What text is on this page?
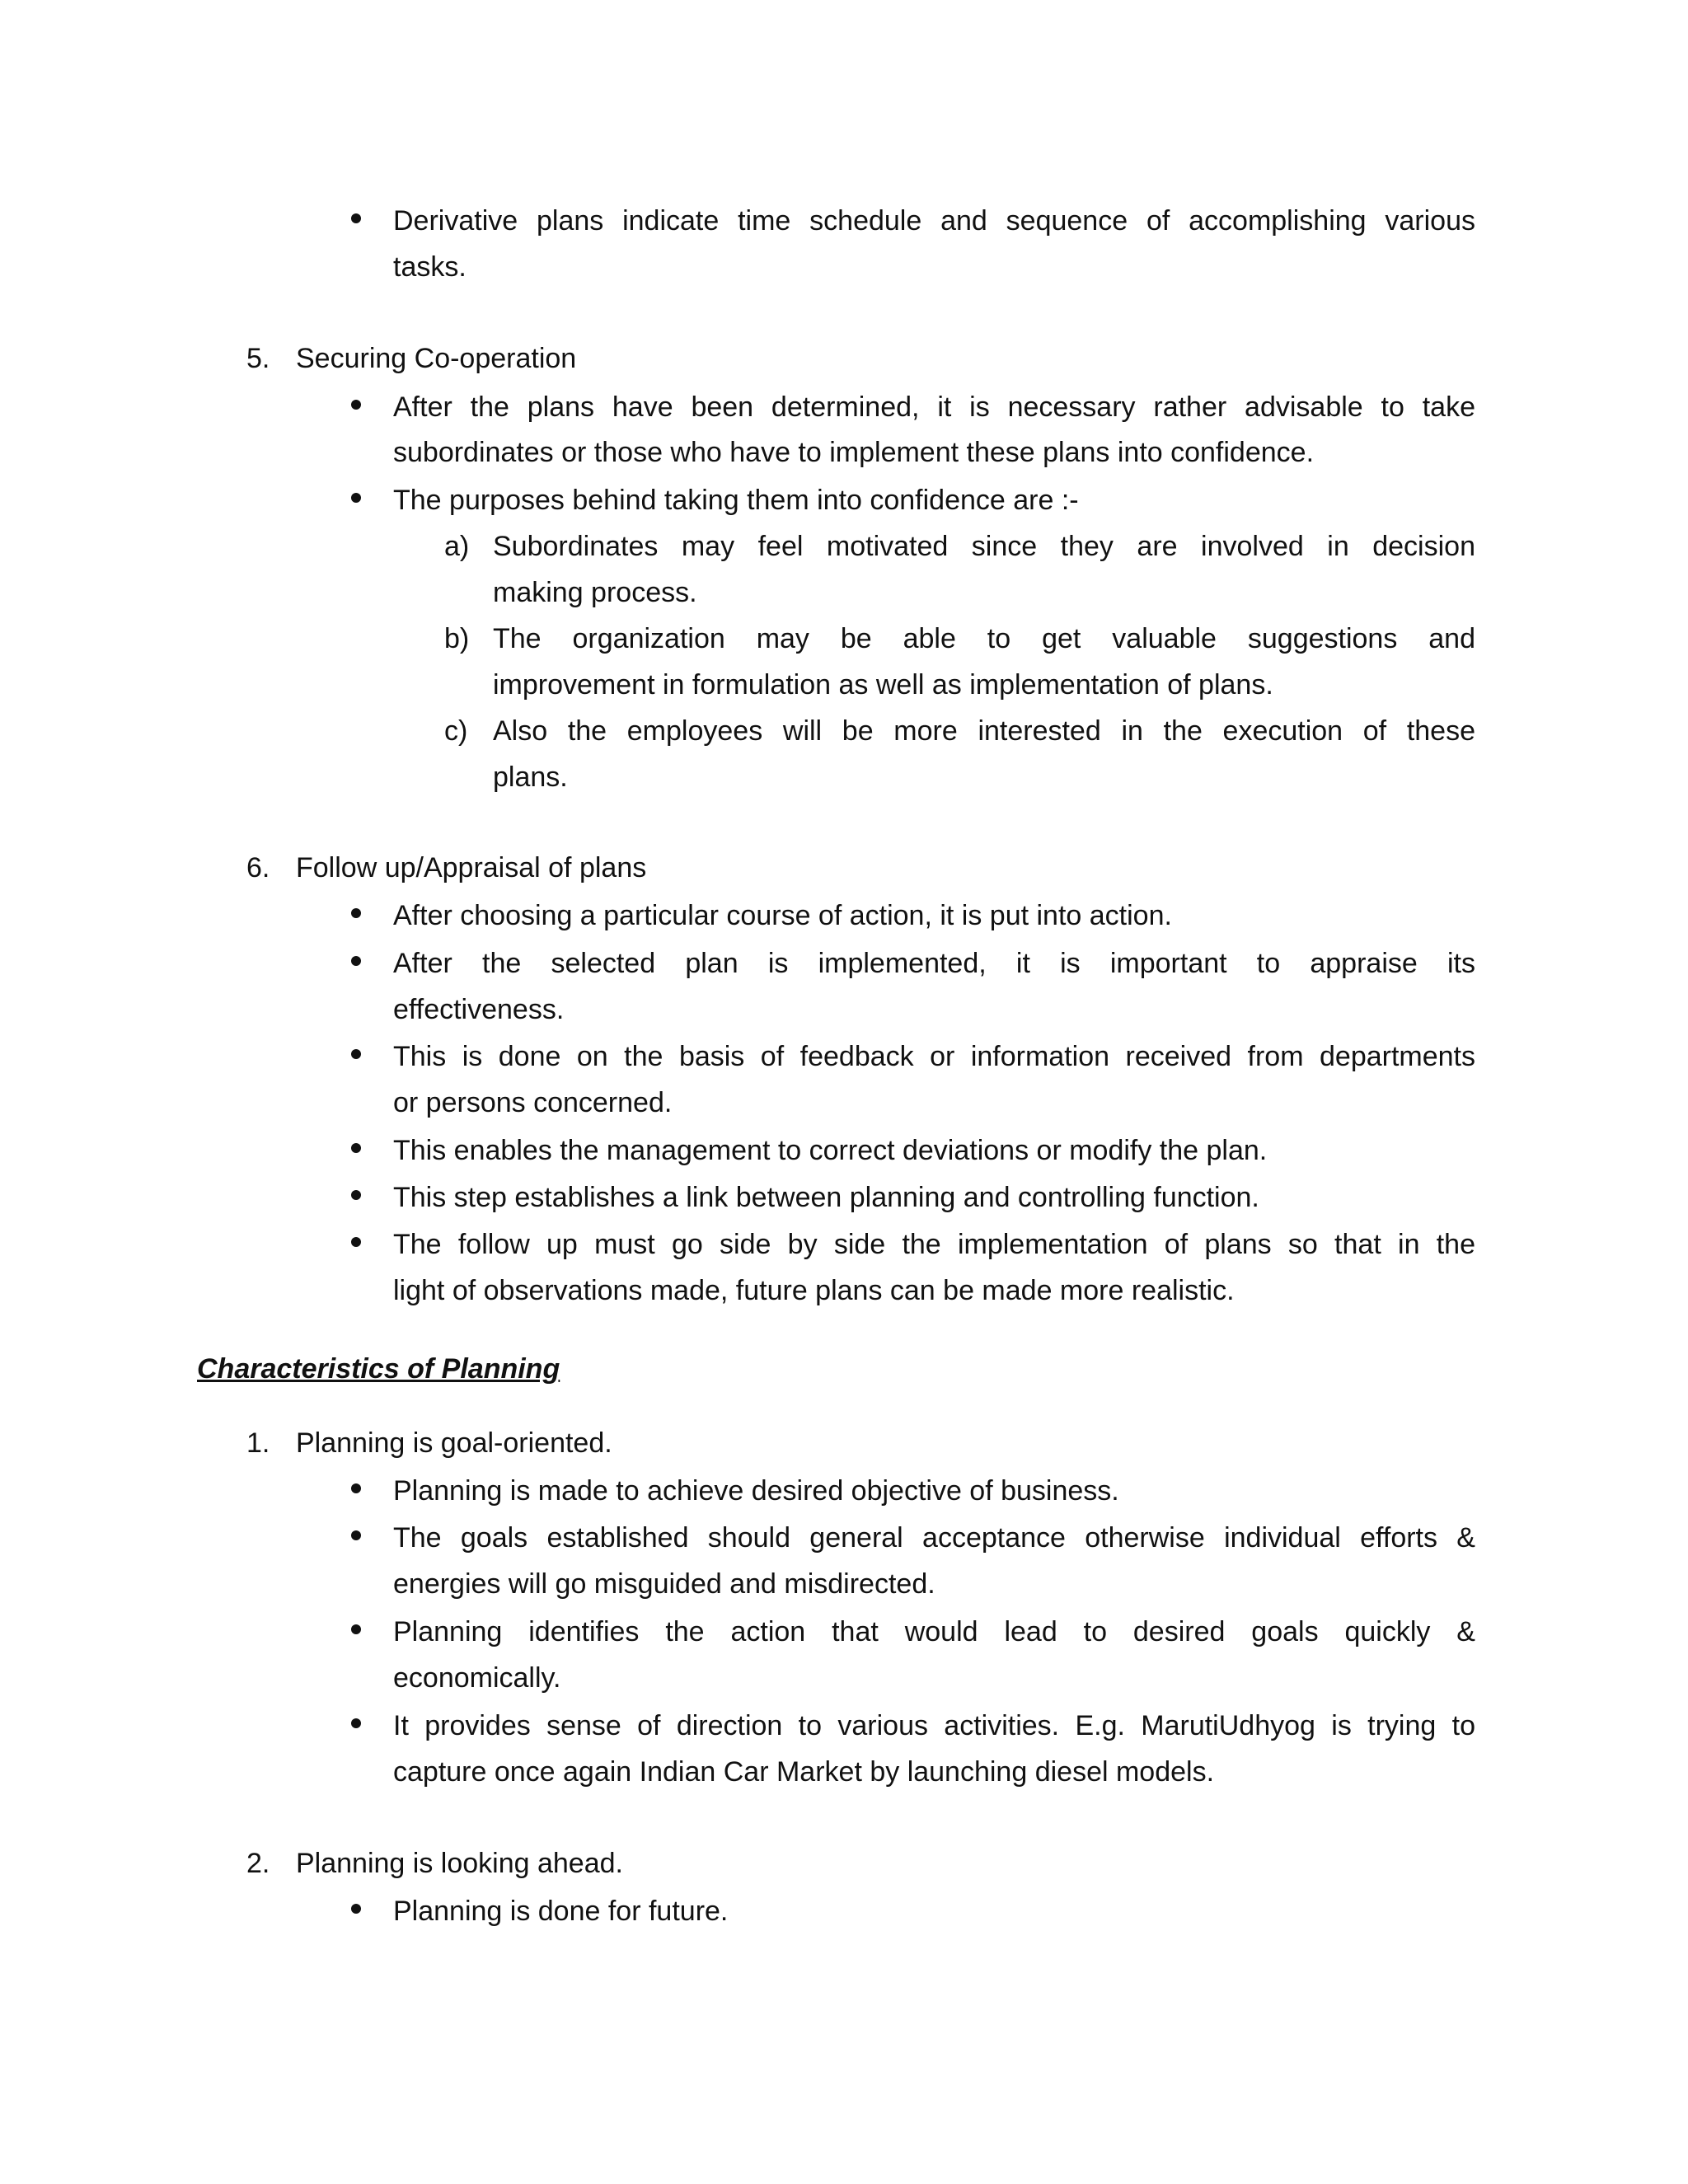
Derivative plans indicate time schedule and sequence of accomplishing various
tasks.
5. Securing Co-operation
After the plans have been determined, it is necessary rather advisable to take
subordinates or those who have to implement these plans into confidence.
The purposes behind taking them into confidence are :-
a) Subordinates may feel motivated since they are involved in decision
making process.
b) The organization may be able to get valuable suggestions and
improvement in formulation as well as implementation of plans.
c) Also the employees will be more interested in the execution of these
plans.
6. Follow up/Appraisal of plans
After choosing a particular course of action, it is put into action.
After the selected plan is implemented, it is important to appraise its
effectiveness.
This is done on the basis of feedback or information received from departments
or persons concerned.
This enables the management to correct deviations or modify the plan.
This step establishes a link between planning and controlling function.
The follow up must go side by side the implementation of plans so that in the
light of observations made, future plans can be made more realistic.
Characteristics of Planning
1. Planning is goal-oriented.
Planning is made to achieve desired objective of business.
The goals established should general acceptance otherwise individual efforts &
energies will go misguided and misdirected.
Planning identifies the action that would lead to desired goals quickly &
economically.
It provides sense of direction to various activities. E.g. MarutiUdhyog is trying to
capture once again Indian Car Market by launching diesel models.
2. Planning is looking ahead.
Planning is done for future.
